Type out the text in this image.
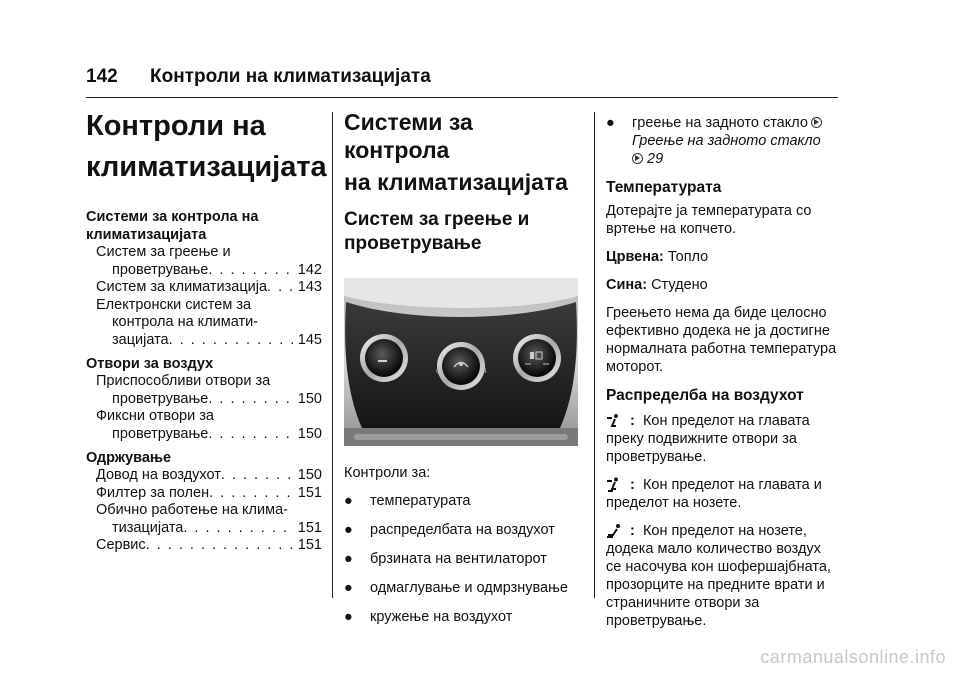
142 Контроли на климатизацијата

Контроли на

климатизацијата

Системи за контрола на

климатизацијата

Систем за греење и

проветрување . . .	142
Систем за климатизација . . . 143

Електронски систем за

контрола на климати-

зацијата . . .	145

Отвори за воздух

Приспособливи отвори за

проветрување . . .	150

Фиксни отвори за

проветрување . . .	150

Одржување

Довод на воздухот . . .	150
Филтер за полен . . .	151

Обично работење на клима-

тизацијата . . .	151
Сервис . . .	151

Системи за контрола

на климатизацијата

Систем за греење и

проветрување

1
0
3
4

Контроли за:

●	температурата
●	распределбата на воздухот
●	брзината на вентилаторот
●	одмаглување и одмрзнување
●	кружење на воздухот
●	греење на задното стакло

Греење на задното стакло

29

Температурата

Дотерајте ја температурата со

вртење на копчето.

Црвена: Топло

Сина: Студено

Греењето нема да биде целосно

ефективно додека не ја достигне

нормалната работна температура

моторот.

Распределба на воздухот

:  Кон пределот на главата

преку подвижните отвори за

проветрување.

:  Кон пределот на главата и

пределот на нозете.

:  Кон пределот на нозете,

додека мало количество воздух

се насочува кон шофершајбната,

прозорците на предните врати и

страничните отвори за

проветрување.

carmanualsonline.info
